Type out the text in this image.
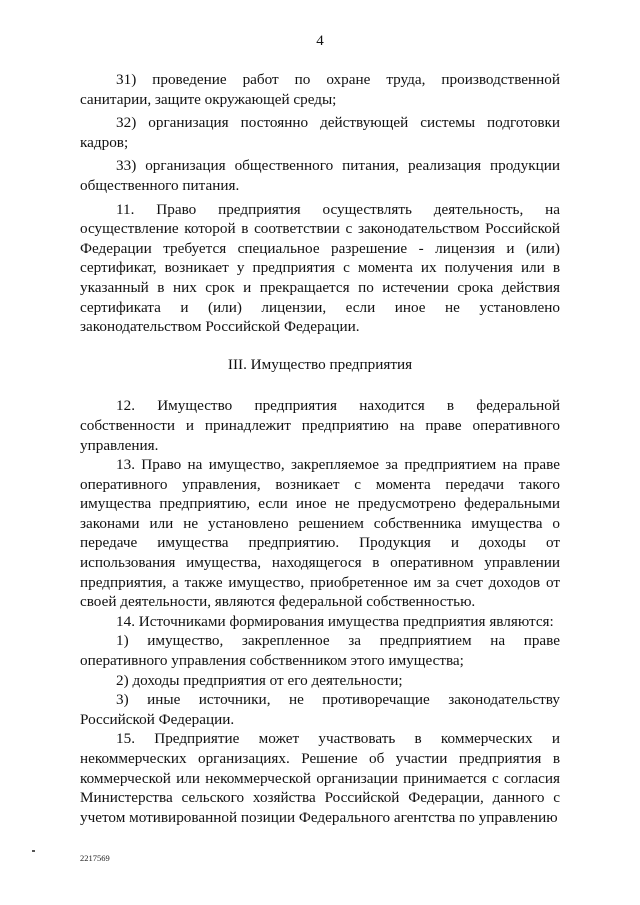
4

31) проведение работ по охране труда, производственной санитарии, защите окружающей среды;

32) организация постоянно действующей системы подготовки кадров;

33) организация общественного питания, реализация продукции общественного питания.

11. Право предприятия осуществлять деятельность, на осуществление которой в соответствии с законодательством Российской Федерации требуется специальное разрешение - лицензия и (или) сертификат, возникает у предприятия с момента их получения или в указанный в них срок и прекращается по истечении срока действия сертификата и (или) лицензии, если иное не установлено законодательством Российской Федерации.

III. Имущество предприятия

12. Имущество предприятия находится в федеральной собственности и принадлежит предприятию на праве оперативного управления.

13. Право на имущество, закрепляемое за предприятием на праве оперативного управления, возникает с момента передачи такого имущества предприятию, если иное не предусмотрено федеральными законами или не установлено решением собственника имущества о передаче имущества предприятию. Продукция и доходы от использования имущества, находящегося в оперативном управлении предприятия, а также имущество, приобретенное им за счет доходов от своей деятельности, являются федеральной собственностью.

14. Источниками формирования имущества предприятия являются:

1) имущество, закрепленное за предприятием на праве оперативного управления собственником этого имущества;

2) доходы предприятия от его деятельности;

3) иные источники, не противоречащие законодательству Российской Федерации.

15. Предприятие может участвовать в коммерческих и некоммерческих организациях. Решение об участии предприятия в коммерческой или некоммерческой организации принимается с согласия Министерства сельского хозяйства Российской Федерации, данного с учетом мотивированной позиции Федерального агентства по управлению

2217569
